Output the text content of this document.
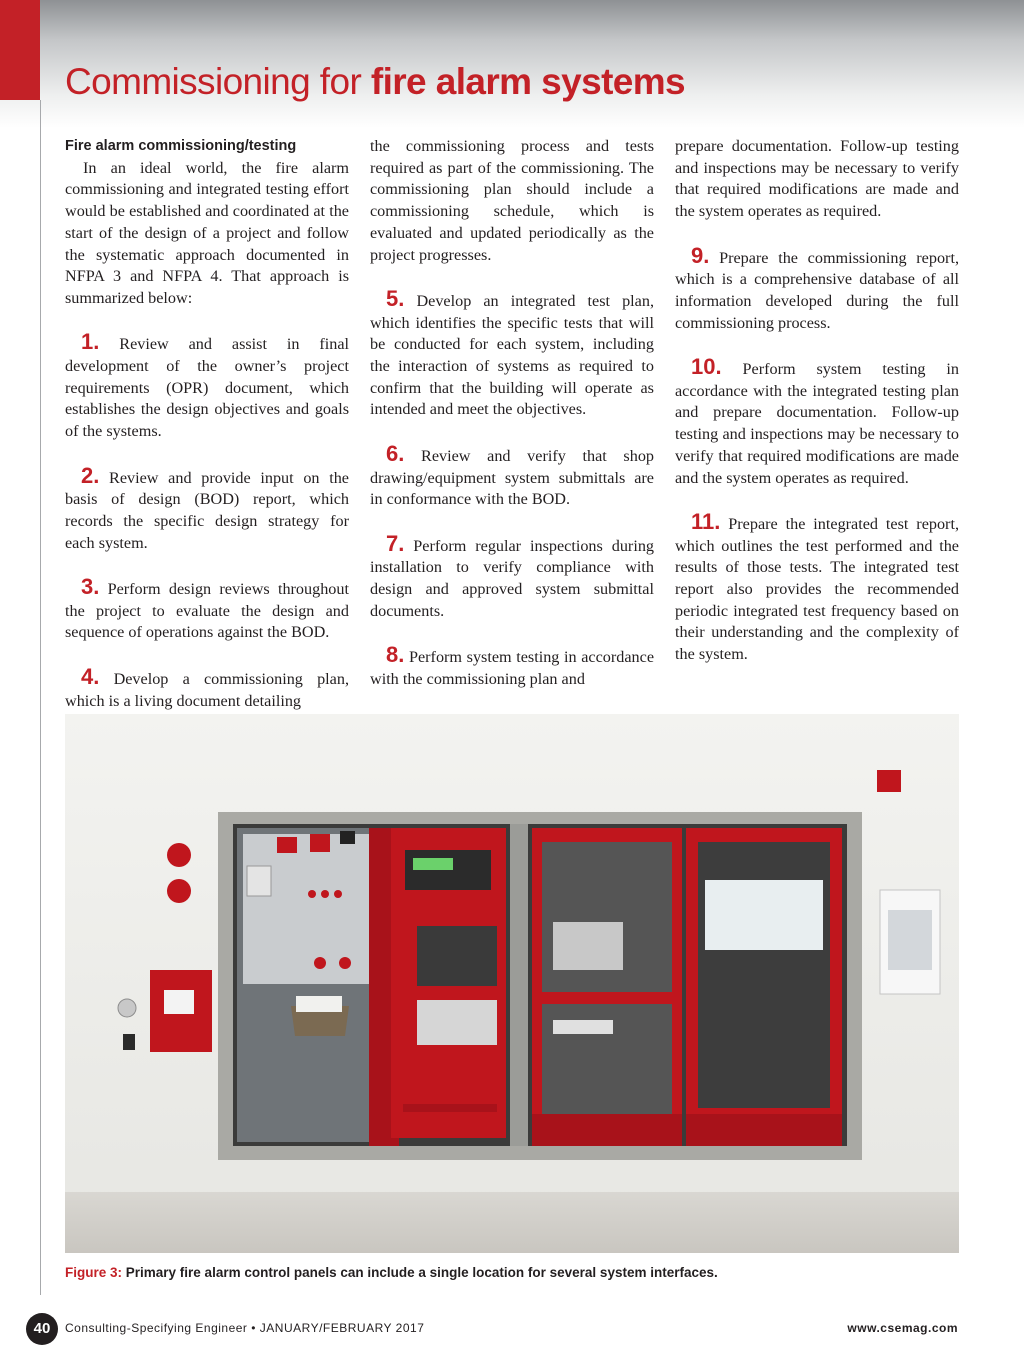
Commissioning for fire alarm systems

Fire alarm commissioning/testing

In an ideal world, the fire alarm commissioning and integrated testing effort would be established and coordinated at the start of the design of a project and follow the systematic approach documented in NFPA 3 and NFPA 4. That approach is summarized below:

1. Review and assist in final development of the owner’s project requirements (OPR) document, which establishes the design objectives and goals of the systems.

2. Review and provide input on the basis of design (BOD) report, which records the specific design strategy for each system.

3. Perform design reviews throughout the project to evaluate the design and sequence of operations against the BOD.

4. Develop a commissioning plan, which is a living document detailing

the commissioning process and tests required as part of the commissioning. The commissioning plan should include a commissioning schedule, which is evaluated and updated periodically as the project progresses.

5. Develop an integrated test plan, which identifies the specific tests that will be conducted for each system, including the interaction of systems as required to confirm that the building will operate as intended and meet the objectives.

6. Review and verify that shop drawing/equipment system submittals are in conformance with the BOD.

7. Perform regular inspections during installation to verify compliance with design and approved system submittal documents.

8. Perform system testing in accordance with the commissioning plan and

prepare documentation. Follow-up testing and inspections may be necessary to verify that required modifications are made and the system operates as required.

9. Prepare the commissioning report, which is a comprehensive database of all information developed during the full commissioning process.

10. Perform system testing in accordance with the integrated testing plan and prepare documentation. Follow-up testing and inspections may be necessary to verify that required modifications are made and the system operates as required.

11. Prepare the integrated test report, which outlines the test performed and the results of those tests. The integrated test report also provides the recommended periodic integrated test frequency based on their understanding and the complexity of the system.

Figure 3: Primary fire alarm control panels can include a single location for several system interfaces.
40	Consulting-Specifying Engineer • JANUARY/FEBRUARY 2017	www.csemag.com
